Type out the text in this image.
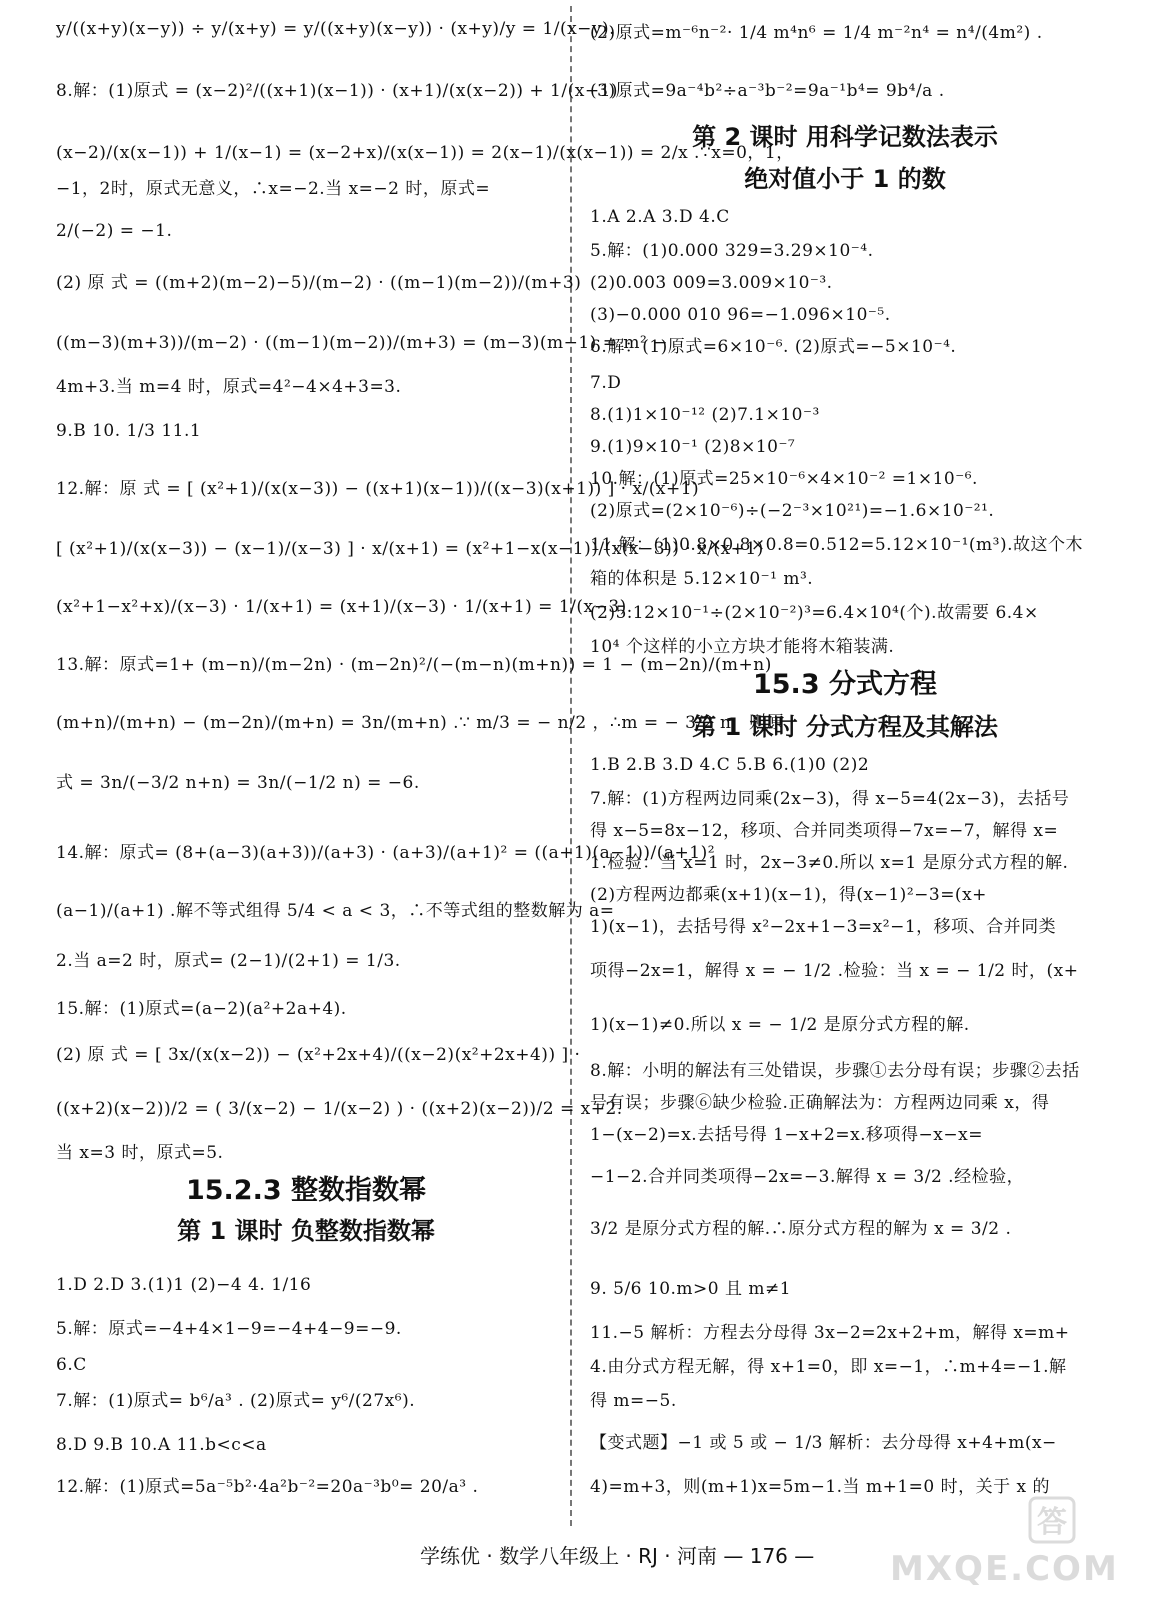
y/((x+y)(x−y)) ÷ y/(x+y) = y/((x+y)(x−y)) · (x+y)/y = 1/(x−y).
8.解：(1)原式 = (x−2)²/((x+1)(x−1)) · (x+1)/(x(x−2)) + 1/(x−1)
(x−2)/(x(x−1)) + 1/(x−1) = (x−2+x)/(x(x−1)) = 2(x−1)/(x(x−1)) = 2/x .∵x=0，1，
−1，2时，原式无意义，∴x=−2.当 x=−2 时，原式=
2/(−2) = −1.
(2) 原 式 = ((m+2)(m−2)−5)/(m−2) · ((m−1)(m−2))/(m+3)
((m−3)(m+3))/(m−2) · ((m−1)(m−2))/(m+3) = (m−3)(m−1) = m² −
4m+3.当 m=4 时，原式=4²−4×4+3=3.
9.B 10. 1/3 11.1
12.解：原 式 = [ (x²+1)/(x(x−3)) − ((x+1)(x−1))/((x−3)(x+1)) ] · x/(x+1)
[ (x²+1)/(x(x−3)) − (x−1)/(x−3) ] · x/(x+1) = (x²+1−x(x−1))/(x(x−3)) · x/(x+1)
(x²+1−x²+x)/(x−3) · 1/(x+1) = (x+1)/(x−3) · 1/(x+1) = 1/(x−3).
13.解：原式=1+ (m−n)/(m−2n) · (m−2n)²/(−(m−n)(m+n)) = 1 − (m−2n)/(m+n)
(m+n)/(m+n) − (m−2n)/(m+n) = 3n/(m+n) .∵ m/3 = − n/2 ，∴m = − 3/2 n，则原
式 = 3n/(−3/2 n+n) = 3n/(−1/2 n) = −6.
14.解：原式= (8+(a−3)(a+3))/(a+3) · (a+3)/(a+1)² = ((a+1)(a−1))/(a+1)²
(a−1)/(a+1) .解不等式组得 5/4 < a < 3，∴不等式组的整数解为 a=
2.当 a=2 时，原式= (2−1)/(2+1) = 1/3.
15.解：(1)原式=(a−2)(a²+2a+4).
(2) 原 式 = [ 3x/(x(x−2)) − (x²+2x+4)/((x−2)(x²+2x+4)) ] ·
((x+2)(x−2))/2 = ( 3/(x−2) − 1/(x−2) ) · ((x+2)(x−2))/2 = x+2.
当 x=3 时，原式=5.
15.2.3 整数指数幂
第 1 课时 负整数指数幂
1.D 2.D 3.(1)1 (2)−4 4. 1/16
5.解：原式=−4+4×1−9=−4+4−9=−9.
6.C
7.解：(1)原式= b⁶/a³ . (2)原式= y⁶/(27x⁶).
8.D 9.B 10.A 11.b<c<a
12.解：(1)原式=5a⁻⁵b²·4a²b⁻²=20a⁻³b⁰= 20/a³ .
(2)原式=m⁻⁶n⁻²· 1/4 m⁴n⁶ = 1/4 m⁻²n⁴ = n⁴/(4m²) .
(3)原式=9a⁻⁴b²÷a⁻³b⁻²=9a⁻¹b⁴= 9b⁴/a .
第 2 课时 用科学记数法表示
绝对值小于 1 的数
1.A 2.A 3.D 4.C
5.解：(1)0.000 329=3.29×10⁻⁴.
(2)0.003 009=3.009×10⁻³.
(3)−0.000 010 96=−1.096×10⁻⁵.
6.解：(1)原式=6×10⁻⁶. (2)原式=−5×10⁻⁴.
7.D
8.(1)1×10⁻¹² (2)7.1×10⁻³
9.(1)9×10⁻¹ (2)8×10⁻⁷
10.解：(1)原式=25×10⁻⁶×4×10⁻² =1×10⁻⁶.
(2)原式=(2×10⁻⁶)÷(−2⁻³×10²¹)=−1.6×10⁻²¹.
11.解：(1)0.8×0.8×0.8=0.512=5.12×10⁻¹(m³).故这个木
箱的体积是 5.12×10⁻¹ m³.
(2)5.12×10⁻¹÷(2×10⁻²)³=6.4×10⁴(个).故需要 6.4×
10⁴ 个这样的小立方块才能将木箱装满.
15.3 分式方程
第 1 课时 分式方程及其解法
1.B 2.B 3.D 4.C 5.B 6.(1)0 (2)2
7.解：(1)方程两边同乘(2x−3)，得 x−5=4(2x−3)，去括号
得 x−5=8x−12，移项、合并同类项得−7x=−7，解得 x=
1.检验：当 x=1 时，2x−3≠0.所以 x=1 是原分式方程的解.
(2)方程两边都乘(x+1)(x−1)，得(x−1)²−3=(x+
1)(x−1)，去括号得 x²−2x+1−3=x²−1，移项、合并同类
项得−2x=1，解得 x = − 1/2 .检验：当 x = − 1/2 时，(x+
1)(x−1)≠0.所以 x = − 1/2 是原分式方程的解.
8.解：小明的解法有三处错误，步骤①去分母有误；步骤②去括
号有误；步骤⑥缺少检验.正确解法为：方程两边同乘 x，得
1−(x−2)=x.去括号得 1−x+2=x.移项得−x−x=
−1−2.合并同类项得−2x=−3.解得 x = 3/2 .经检验，
3/2 是原分式方程的解.∴原分式方程的解为 x = 3/2 .
9. 5/6 10.m>0 且 m≠1
11.−5 解析：方程去分母得 3x−2=2x+2+m，解得 x=m+
4.由分式方程无解，得 x+1=0，即 x=−1，∴m+4=−1.解
得 m=−5.
【变式题】−1 或 5 或 − 1/3 解析：去分母得 x+4+m(x−
4)=m+3，则(m+1)x=5m−1.当 m+1=0 时，关于 x 的
学练优 · 数学八年级上 · RJ · 河南 — 176 —
答
MXQE.COM
